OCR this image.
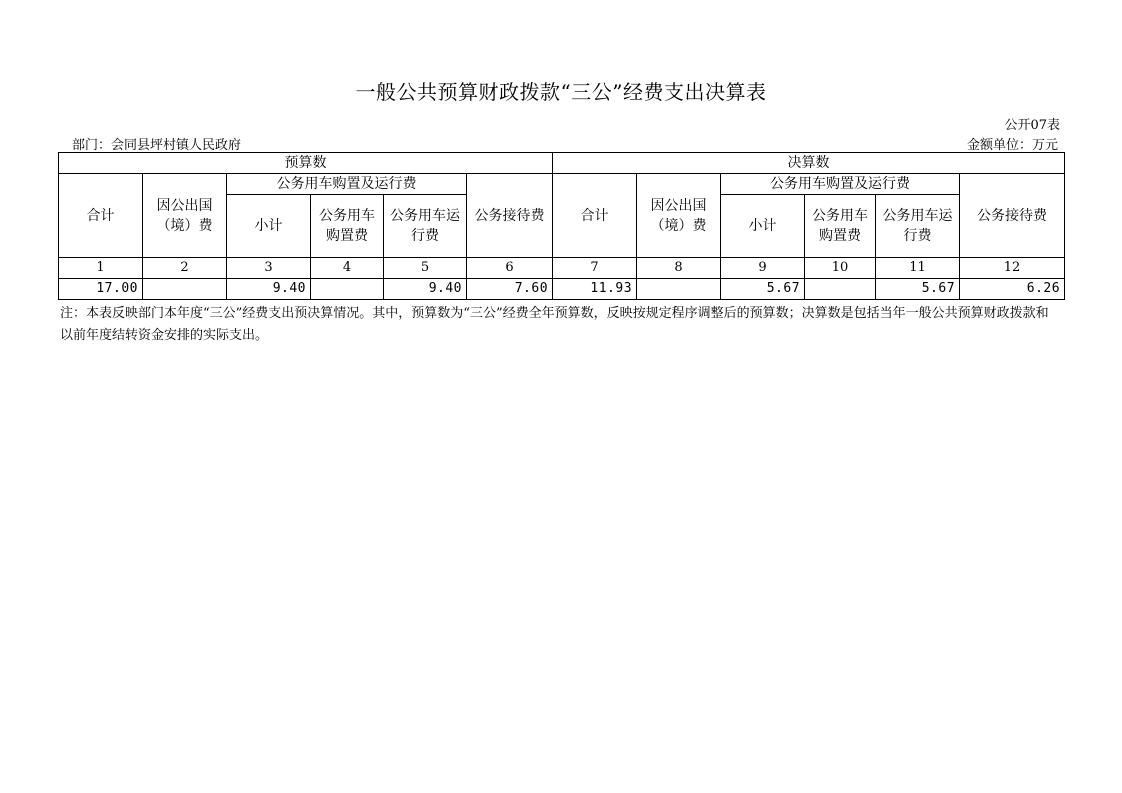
一般公共预算财政拨款“三公”经费支出决算表
公开07表
部门：会同县坪村镇人民政府	金额单位：万元
预算数						决算数					
合计	因公出国（境）费	公务用车购置及运行费			公务接待费	合计	因公出国（境）费	公务用车购置及运行费			公务接待费
		小计	公务用车购置费	公务用车运行费				小计	公务用车购置费	公务用车运行费	
1	2	3	4	5	6	7	8	9	10	11	12
17.00		9.40		9.40	7.60	11.93		5.67		5.67	6.26
注：本表反映部门本年度“三公”经费支出预决算情况。其中，预算数为“三公”经费全年预算数，反映按规定程序调整后的预算数；决算数是包括当年一般公共预算财政拨款和以前年度结转资金安排的实际支出。
